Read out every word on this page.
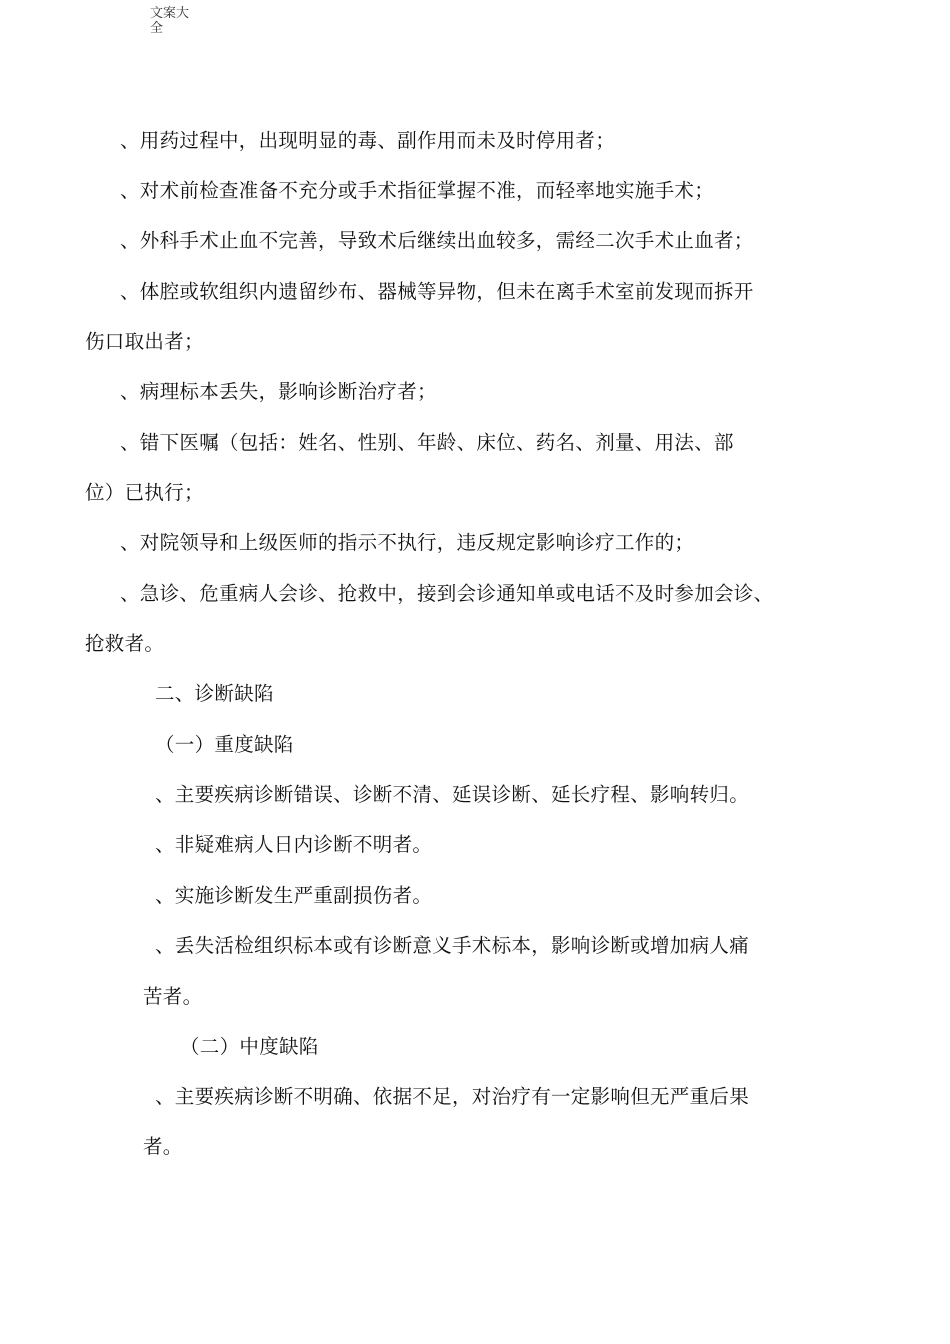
文案大全
、用药过程中，出现明显的毒、副作用而未及时停用者；
、对术前检查准备不充分或手术指征掌握不准，而轻率地实施手术；
、外科手术止血不完善，导致术后继续出血较多，需经二次手术止血者；
、体腔或软组织内遗留纱布、器械等异物，但未在离手术室前发现而拆开
伤口取出者；
、病理标本丢失，影响诊断治疗者；
、错下医嘱（包括：姓名、性别、年龄、床位、药名、剂量、用法、部
位）已执行；
、对院领导和上级医师的指示不执行，违反规定影响诊疗工作的；
、急诊、危重病人会诊、抢救中，接到会诊通知单或电话不及时参加会诊、
抢救者。
二、诊断缺陷
（一）重度缺陷
、主要疾病诊断错误、诊断不清、延误诊断、延长疗程、影响转归。
、非疑难病人日内诊断不明者。
、实施诊断发生严重副损伤者。
、丢失活检组织标本或有诊断意义手术标本，影响诊断或增加病人痛
苦者。
（二）中度缺陷
、主要疾病诊断不明确、依据不足，对治疗有一定影响但无严重后果
者。
